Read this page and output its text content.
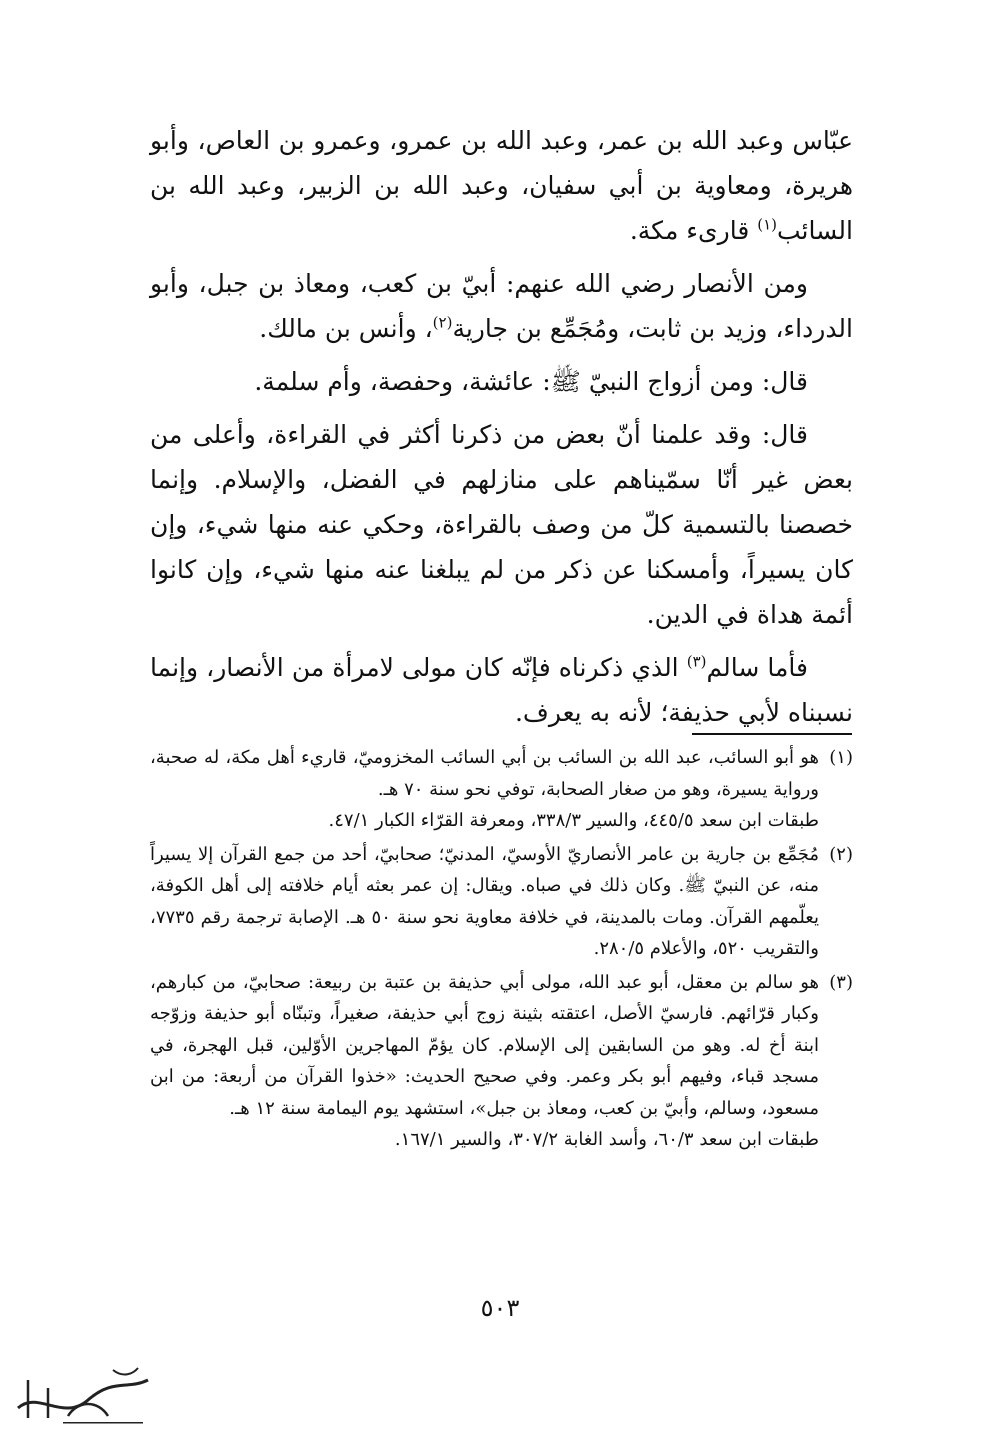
عبّاس وعبد الله بن عمر، وعبد الله بن عمرو، وعمرو بن العاص، وأبو هريرة، ومعاوية بن أبي سفيان، وعبد الله بن الزبير، وعبد الله بن السائب$^{(١)}$ قارىء مكة.

ومن الأنصار رضي الله عنهم: أبيّ بن كعب، ومعاذ بن جبل، وأبو الدرداء، وزيد بن ثابت، ومُجَمِّع بن جارية$^{(٢)}$، وأنس بن مالك.

قال: ومن أزواج النبيّ ﷺ: عائشة، وحفصة، وأم سلمة.

قال: وقد علمنا أنّ بعض من ذكرنا أكثر في القراءة، وأعلى من بعض غير أنّا سمّيناهم على منازلهم في الفضل، والإسلام. وإنما خصصنا بالتسمية كلّ من وصف بالقراءة، وحكي عنه منها شيء، وإن كان يسيراً، وأمسكنا عن ذكر من لم يبلغنا عنه منها شيء، وإن كانوا أئمة هداة في الدين.

فأما سالم$^{(٣)}$ الذي ذكرناه فإنّه كان مولى لامرأة من الأنصار، وإنما نسبناه لأبي حذيفة؛ لأنه به يعرف.

(١)
هو أبو السائب، عبد الله بن السائب بن أبي السائب المخزوميّ، قاريء أهل مكة، له صحبة، ورواية يسيرة، وهو من صغار الصحابة، توفي نحو سنة ٧٠ هـ.
طبقات ابن سعد ٤٤٥/٥، والسير ٣٣٨/٣، ومعرفة القرّاء الكبار ٤٧/١.
(٢)
مُجَمِّع بن جارية بن عامر الأنصاريّ الأوسيّ، المدنيّ؛ صحابيّ، أحد من جمع القرآن إلا يسيراً منه، عن النبيّ ﷺ. وكان ذلك في صباه. ويقال: إن عمر بعثه أيام خلافته إلى أهل الكوفة، يعلّمهم القرآن. ومات بالمدينة، في خلافة معاوية نحو سنة ٥٠ هـ. الإصابة ترجمة رقم ٧٧٣٥، والتقريب ٥٢٠، والأعلام ٢٨٠/٥.
(٣)
هو سالم بن معقل، أبو عبد الله، مولى أبي حذيفة بن عتبة بن ربيعة: صحابيّ، من كبارهم، وكبار قرّائهم. فارسيّ الأصل، اعتقته بثينة زوج أبي حذيفة، صغيراً، وتبنّاه أبو حذيفة وزوّجه ابنة أخ له. وهو من السابقين إلى الإسلام. كان يؤمّ المهاجرين الأوّلين، قبل الهجرة، في مسجد قباء، وفيهم أبو بكر وعمر. وفي صحيح الحديث: «خذوا القرآن من أربعة: من ابن مسعود، وسالم، وأبيّ بن كعب، ومعاذ بن جبل»، استشهد يوم اليمامة سنة ١٢ هـ.
طبقات ابن سعد ٦٠/٣، وأسد الغابة ٣٠٧/٢، والسير ١٦٧/١.
٥٠٣
